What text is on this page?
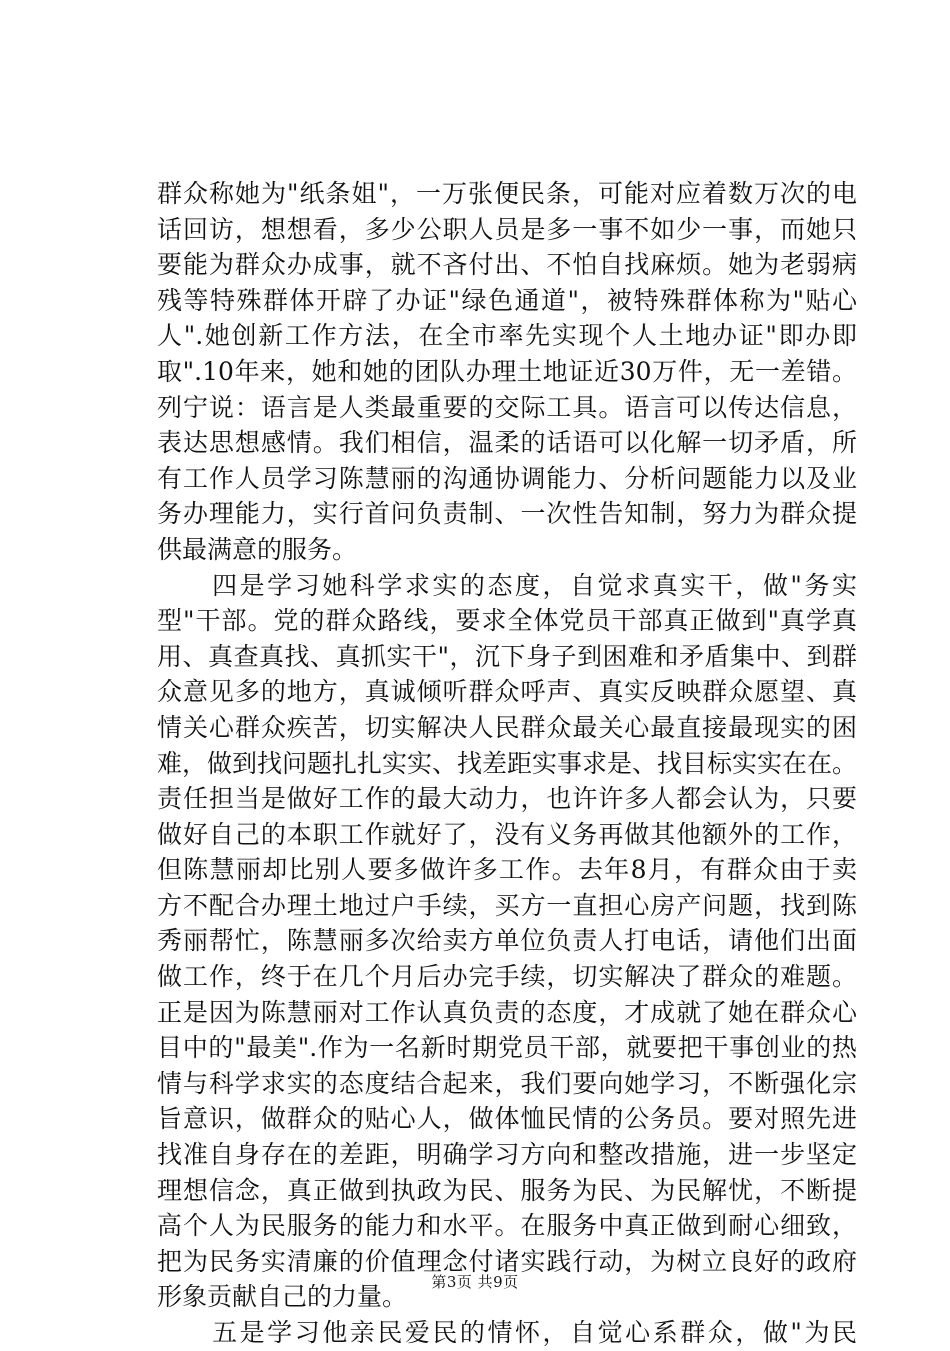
群众称她为"纸条姐"，一万张便民条，可能对应着数万次的电
话回访，想想看，多少公职人员是多一事不如少一事，而她只
要能为群众办成事，就不吝付出、不怕自找麻烦。她为老弱病
残等特殊群体开辟了办证"绿色通道"，被特殊群体称为"贴心
人".她创新工作方法，在全市率先实现个人土地办证"即办即
取".10年来，她和她的团队办理土地证近30万件，无一差错。
列宁说：语言是人类最重要的交际工具。语言可以传达信息，
表达思想感情。我们相信，温柔的话语可以化解一切矛盾，所
有工作人员学习陈慧丽的沟通协调能力、分析问题能力以及业
务办理能力，实行首问负责制、一次性告知制，努力为群众提
供最满意的服务。
　　四是学习她科学求实的态度，自觉求真实干，做"务实
型"干部。党的群众路线，要求全体党员干部真正做到"真学真
用、真查真找、真抓实干"，沉下身子到困难和矛盾集中、到群
众意见多的地方，真诚倾听群众呼声、真实反映群众愿望、真
情关心群众疾苦，切实解决人民群众最关心最直接最现实的困
难，做到找问题扎扎实实、找差距实事求是、找目标实实在在。
责任担当是做好工作的最大动力，也许许多人都会认为，只要
做好自己的本职工作就好了，没有义务再做其他额外的工作，
但陈慧丽却比别人要多做许多工作。去年8月，有群众由于卖
方不配合办理土地过户手续，买方一直担心房产问题，找到陈
秀丽帮忙，陈慧丽多次给卖方单位负责人打电话，请他们出面
做工作，终于在几个月后办完手续，切实解决了群众的难题。
正是因为陈慧丽对工作认真负责的态度，才成就了她在群众心
目中的"最美".作为一名新时期党员干部，就要把干事创业的热
情与科学求实的态度结合起来，我们要向她学习，不断强化宗
旨意识，做群众的贴心人，做体恤民情的公务员。要对照先进
找准自身存在的差距，明确学习方向和整改措施，进一步坚定
理想信念，真正做到执政为民、服务为民、为民解忧，不断提
高个人为民服务的能力和水平。在服务中真正做到耐心细致，
把为民务实清廉的价值理念付诸实践行动，为树立良好的政府
形象贡献自己的力量。
　　五是学习他亲民爱民的情怀，自觉心系群众，做"为民
第3页 共9页
